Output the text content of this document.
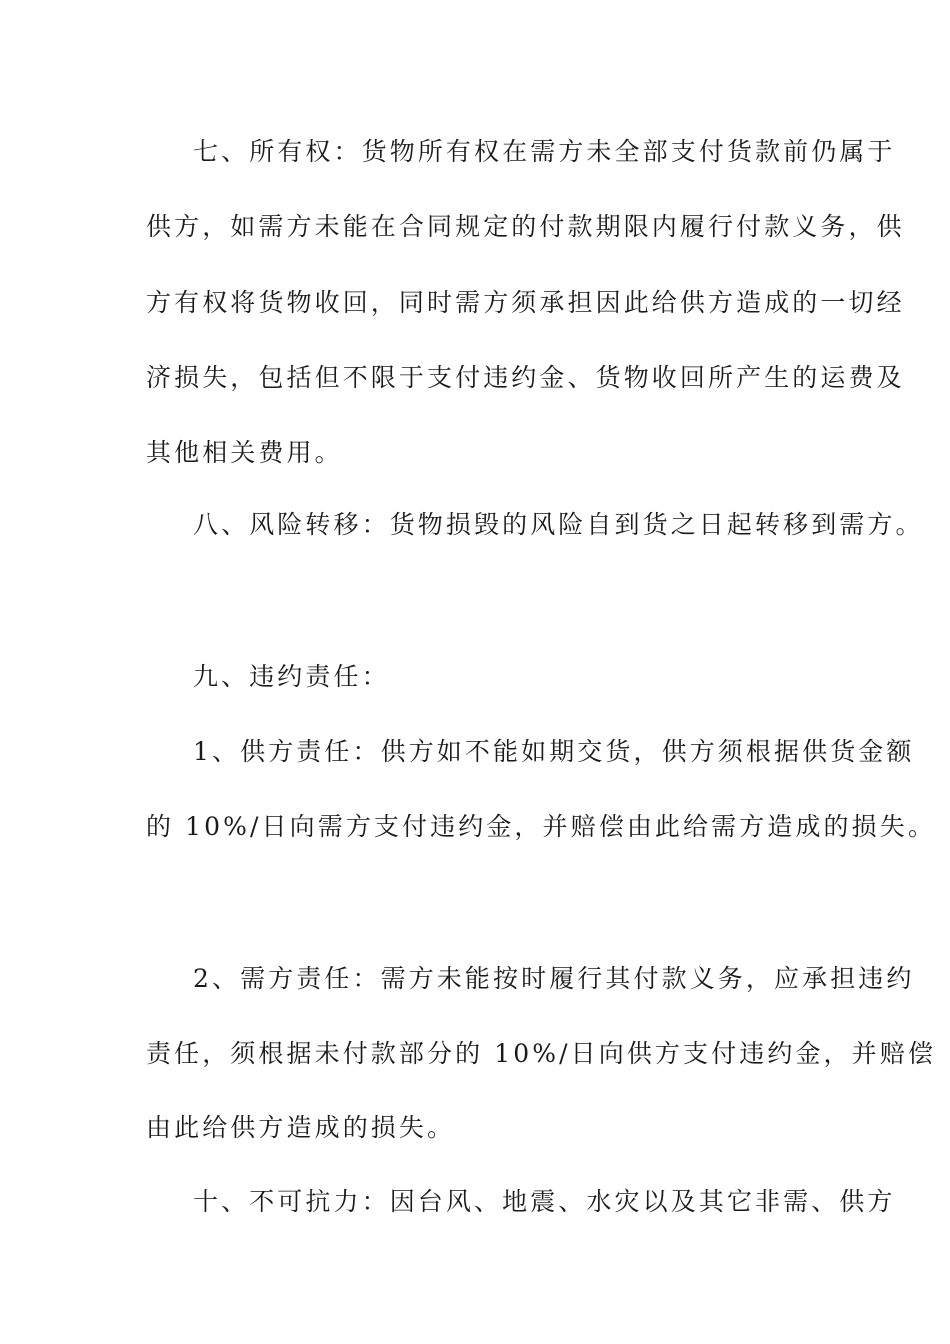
七、所有权：货物所有权在需方未全部支付货款前仍属于
供方，如需方未能在合同规定的付款期限内履行付款义务，供
方有权将货物收回，同时需方须承担因此给供方造成的一切经
济损失，包括但不限于支付违约金、货物收回所产生的运费及
其他相关费用。
八、风险转移：货物损毁的风险自到货之日起转移到需方。
九、违约责任：
1、供方责任：供方如不能如期交货，供方须根据供货金额
的 10%/日向需方支付违约金，并赔偿由此给需方造成的损失。
2、需方责任：需方未能按时履行其付款义务，应承担违约
责任，须根据未付款部分的 10%/日向供方支付违约金，并赔偿
由此给供方造成的损失。
十、不可抗力：因台风、地震、水灾以及其它非需、供方
